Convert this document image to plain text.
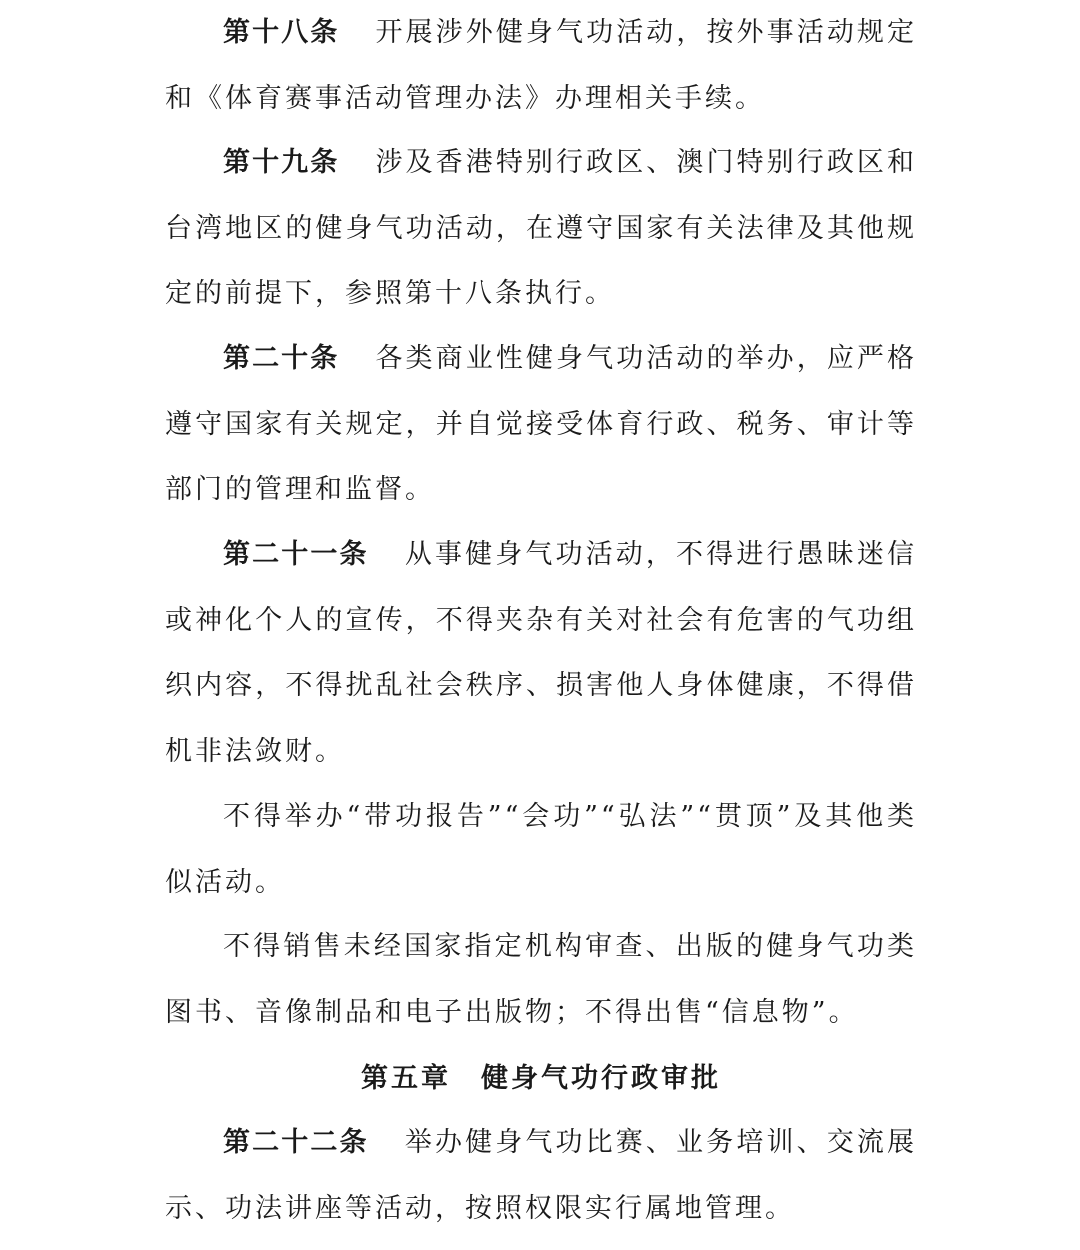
第十八条 开展涉外健身气功活动，按外事活动规定和《体育赛事活动管理办法》办理相关手续。

第十九条 涉及香港特别行政区、澳门特别行政区和台湾地区的健身气功活动，在遵守国家有关法律及其他规定的前提下，参照第十八条执行。

第二十条 各类商业性健身气功活动的举办，应严格遵守国家有关规定，并自觉接受体育行政、税务、审计等部门的管理和监督。

第二十一条 从事健身气功活动，不得进行愚昧迷信或神化个人的宣传，不得夹杂有关对社会有危害的气功组织内容，不得扰乱社会秩序、损害他人身体健康，不得借机非法敛财。

不得举办“带功报告”“会功”“弘法”“贯顶”及其他类似活动。

不得销售未经国家指定机构审查、出版的健身气功类图书、音像制品和电子出版物；不得出售“信息物”。

第五章 健身气功行政审批

第二十二条 举办健身气功比赛、业务培训、交流展示、功法讲座等活动，按照权限实行属地管理。
